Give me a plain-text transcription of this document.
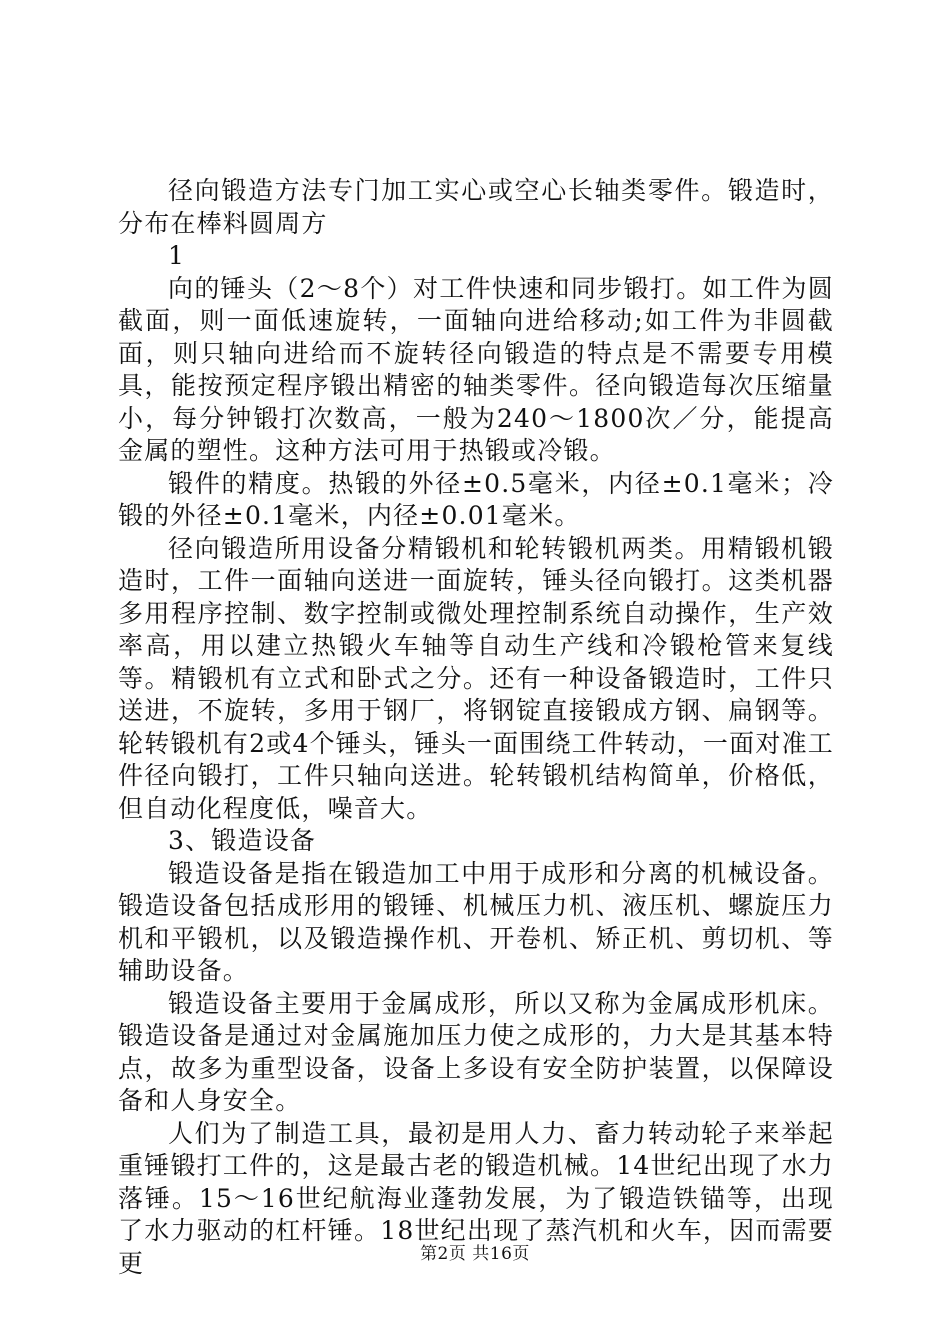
径向锻造方法专门加工实心或空心长轴类零件。锻造时，分布在棒料圆周方

1

向的锤头（2～8个）对工件快速和同步锻打。如工件为圆截面，则一面低速旋转，一面轴向进给移动;如工件为非圆截面，则只轴向进给而不旋转径向锻造的特点是不需要专用模具，能按预定程序锻出精密的轴类零件。径向锻造每次压缩量小，每分钟锻打次数高，一般为240～1800次／分，能提高金属的塑性。这种方法可用于热锻或冷锻。

锻件的精度。热锻的外径±0.5毫米，内径±0.1毫米；冷锻的外径±0.1毫米，内径±0.01毫米。

径向锻造所用设备分精锻机和轮转锻机两类。用精锻机锻造时，工件一面轴向送进一面旋转，锤头径向锻打。这类机器多用程序控制、数字控制或微处理控制系统自动操作，生产效率高，用以建立热锻火车轴等自动生产线和冷锻枪管来复线等。精锻机有立式和卧式之分。还有一种设备锻造时，工件只送进，不旋转，多用于钢厂，将钢锭直接锻成方钢、扁钢等。轮转锻机有2或4个锤头，锤头一面围绕工件转动，一面对准工件径向锻打，工件只轴向送进。轮转锻机结构简单，价格低，但自动化程度低，噪音大。

3、锻造设备

锻造设备是指在锻造加工中用于成形和分离的机械设备。锻造设备包括成形用的锻锤、机械压力机、液压机、螺旋压力机和平锻机，以及锻造操作机、开卷机、矫正机、剪切机、等辅助设备。

锻造设备主要用于金属成形，所以又称为金属成形机床。锻造设备是通过对金属施加压力使之成形的，力大是其基本特点，故多为重型设备，设备上多设有安全防护装置，以保障设备和人身安全。

人们为了制造工具，最初是用人力、畜力转动轮子来举起重锤锻打工件的，这是最古老的锻造机械。14世纪出现了水力落锤。15～16世纪航海业蓬勃发展，为了锻造铁锚等，出现了水力驱动的杠杆锤。18世纪出现了蒸汽机和火车，因而需要更	第2页 共16页
